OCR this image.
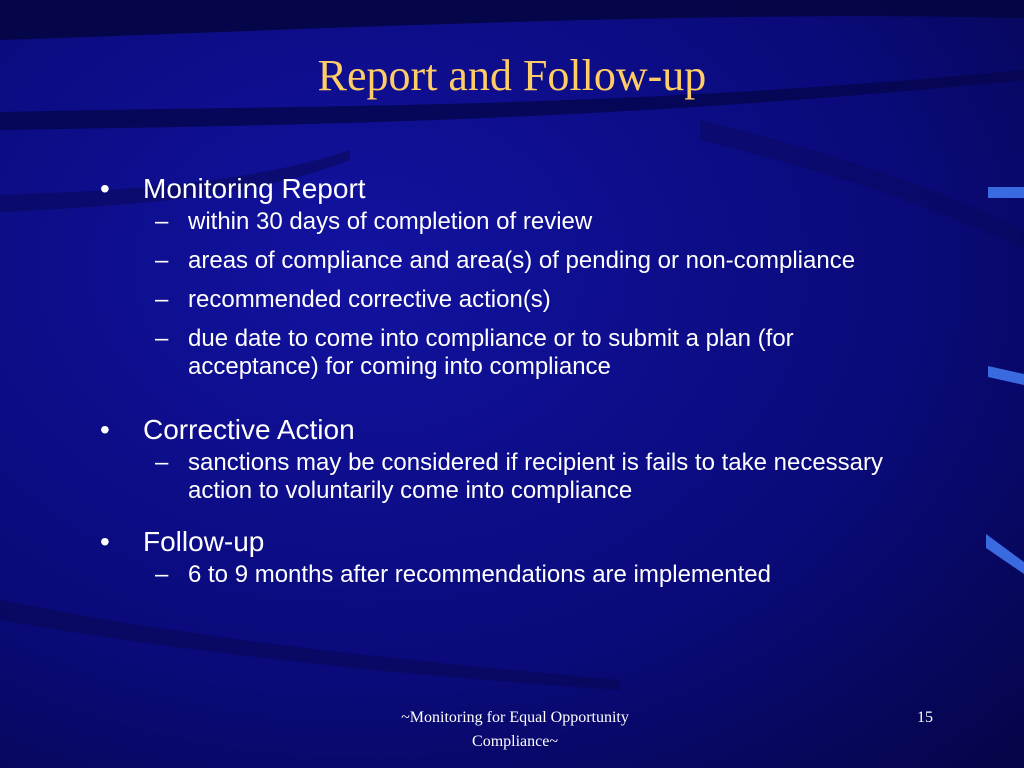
Report and Follow-up
•	Monitoring Report
– within 30 days of completion of review
– areas of compliance and area(s) of pending or non-compliance
– recommended corrective action(s)
– due date to come into compliance or to submit a plan (for acceptance) for coming into compliance
•	Corrective Action
– sanctions may be considered if recipient is fails to take necessary action to voluntarily come into compliance
•	Follow-up
– 6 to 9 months after recommendations are implemented
~Monitoring for Equal Opportunity Compliance~
15
